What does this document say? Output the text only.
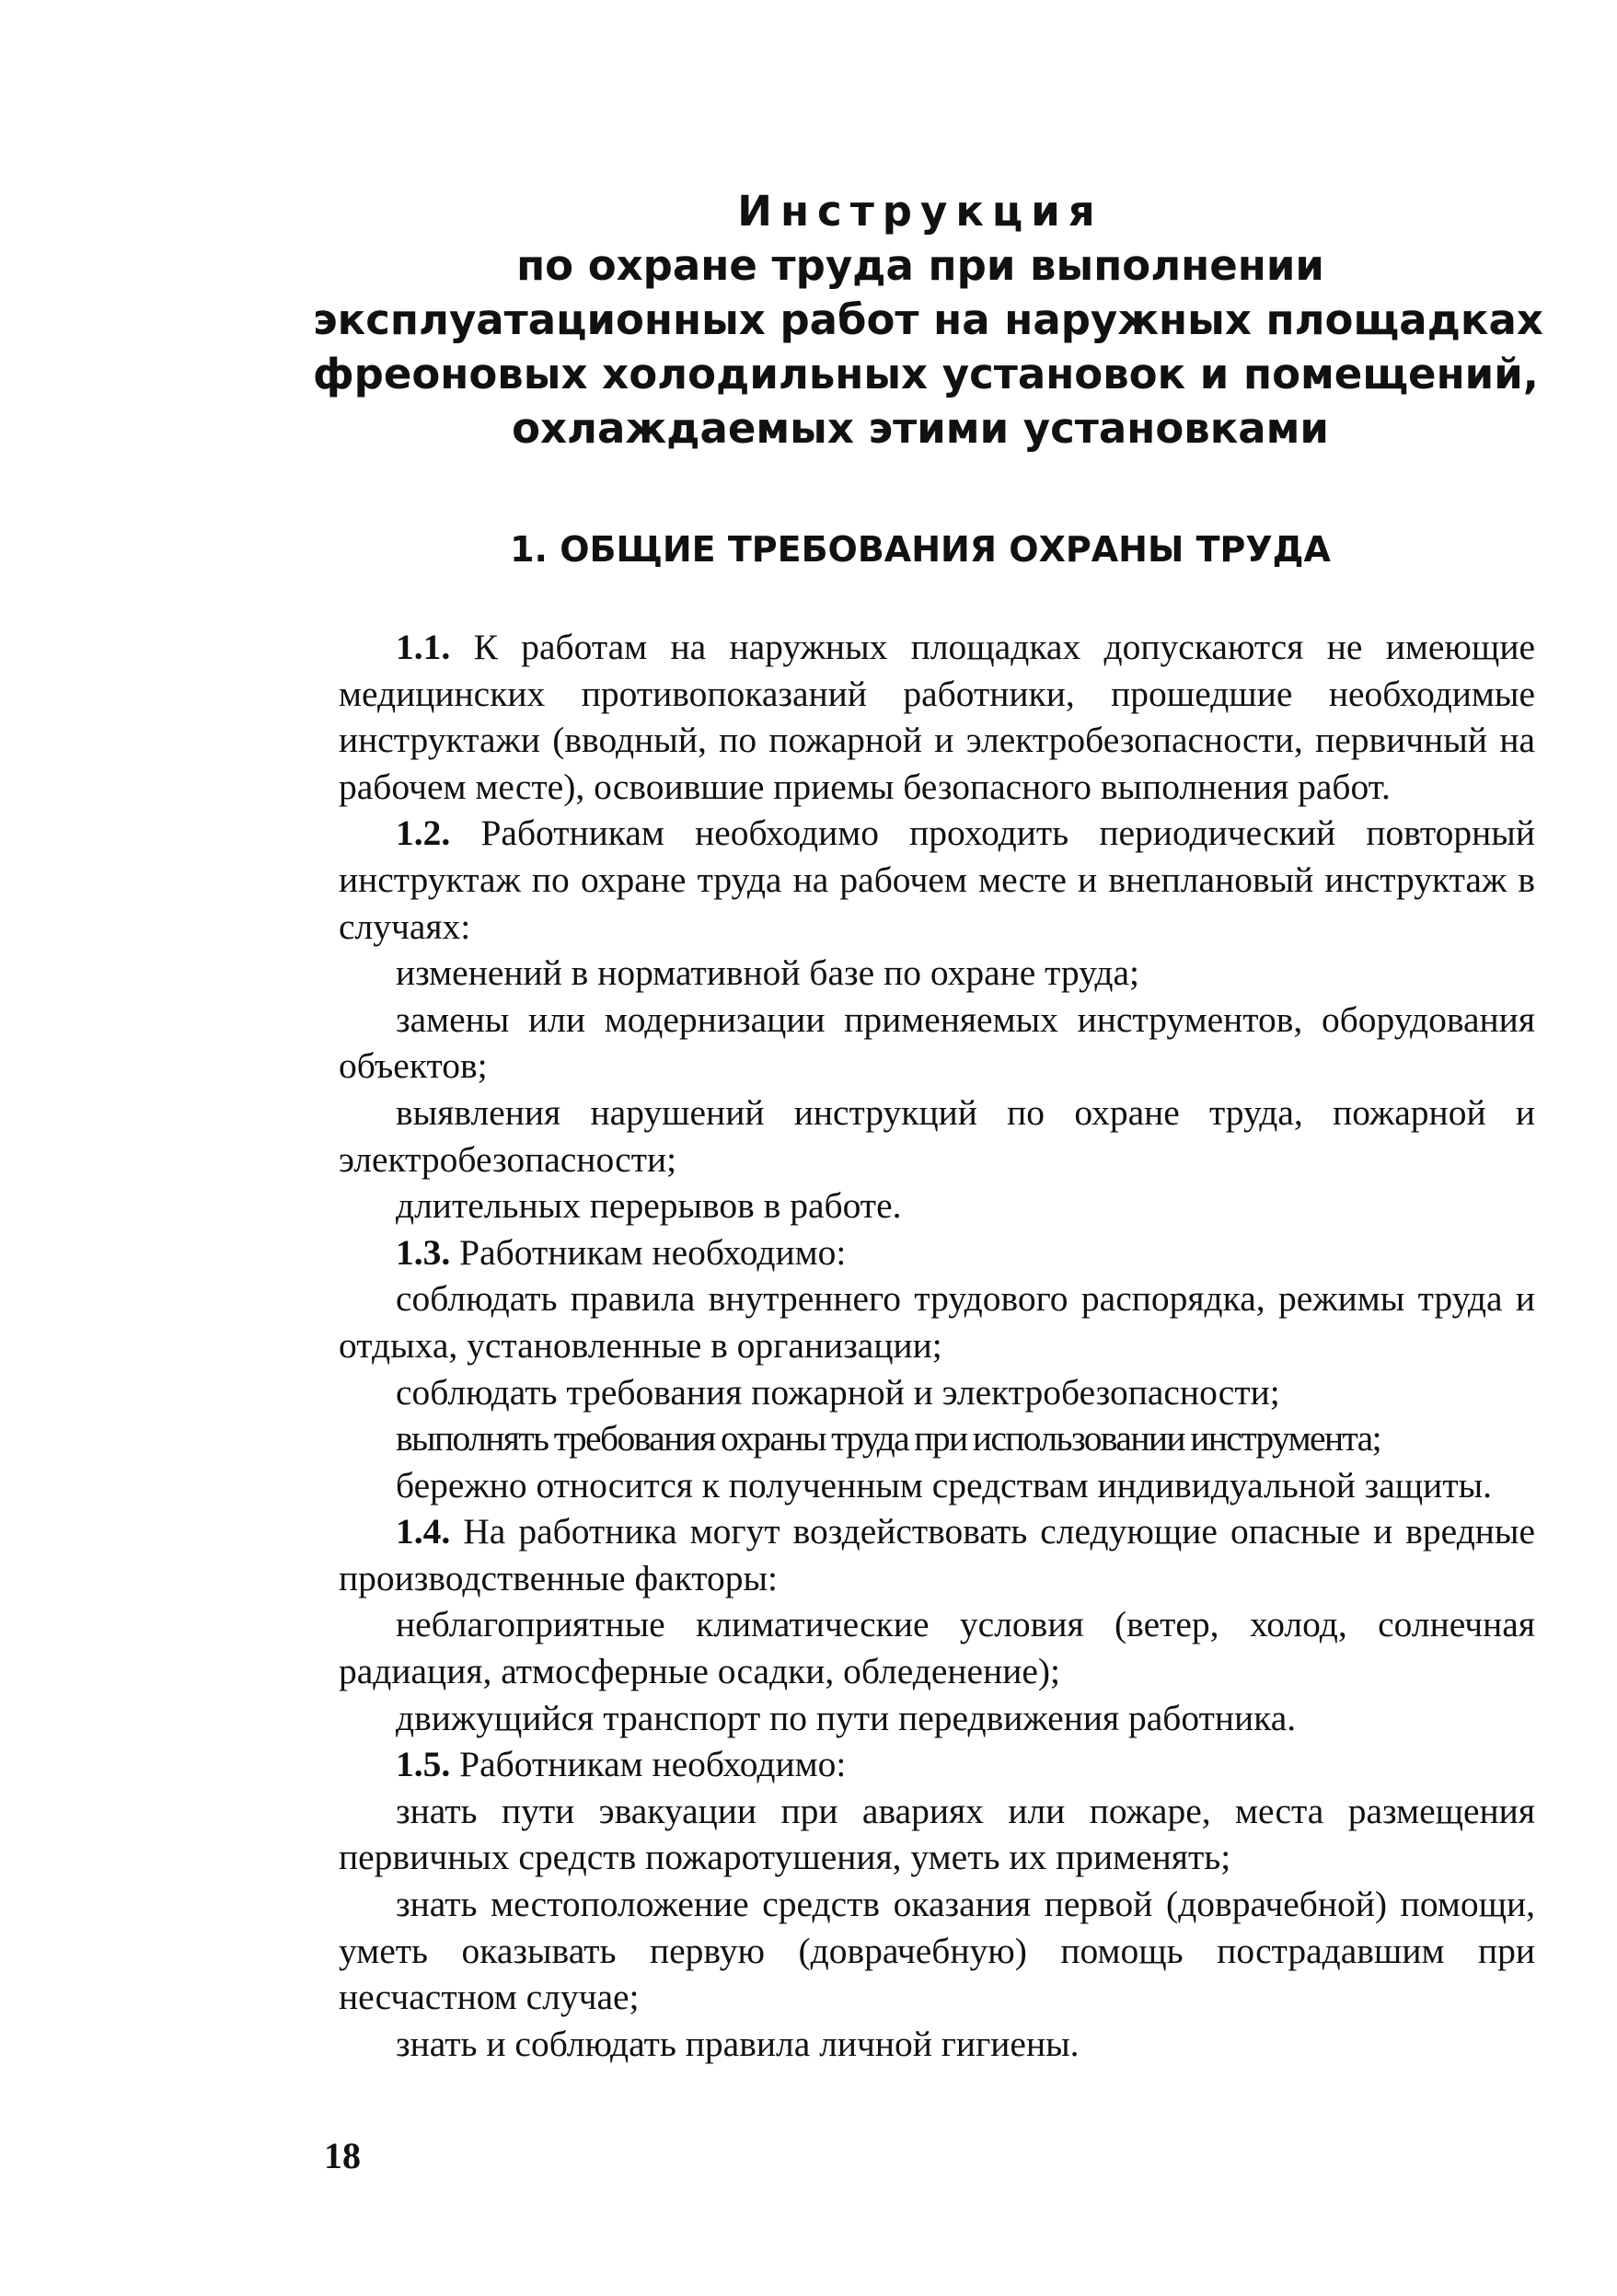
Инструкция
по охране труда при выполнении
эксплуатационных работ на наружных площадках
фреоновых холодильных установок и помещений,
охлаждаемых этими установками
1. ОБЩИЕ ТРЕБОВАНИЯ ОХРАНЫ ТРУДА

1.1. К работам на наружных площадках допускаются не имеющие медицинских противопоказаний работники, прошедшие необходимые инструктажи (вводный, по пожарной и электробезопасности, первичный на рабочем месте), освоившие приемы безопасного выполнения работ.

1.2. Работникам необходимо проходить периодический повторный инструктаж по охране труда на рабочем месте и внеплановый инструктаж в случаях:

изменений в нормативной базе по охране труда;

замены или модернизации применяемых инструментов, оборудования объектов;

выявления нарушений инструкций по охране труда, пожарной и электробезопасности;

длительных перерывов в работе.

1.3. Работникам необходимо:

соблюдать правила внутреннего трудового распорядка, режимы труда и отдыха, установленные в организации;

соблюдать требования пожарной и электробезопасности;

выполнять требования охраны труда при использовании инструмента;

бережно относится к полученным средствам индивидуальной защиты.

1.4. На работника могут воздействовать следующие опасные и вредные производственные факторы:

неблагоприятные климатические условия (ветер, холод, солнечная радиация, атмосферные осадки, обледенение);

движущийся транспорт по пути передвижения работника.

1.5. Работникам необходимо:

знать пути эвакуации при авариях или пожаре, места размещения первичных средств пожаротушения, уметь их применять;

знать местоположение средств оказания первой (доврачебной) помощи, уметь оказывать первую (доврачебную) помощь пострадавшим при несчастном случае;

знать и соблюдать правила личной гигиены.

18
